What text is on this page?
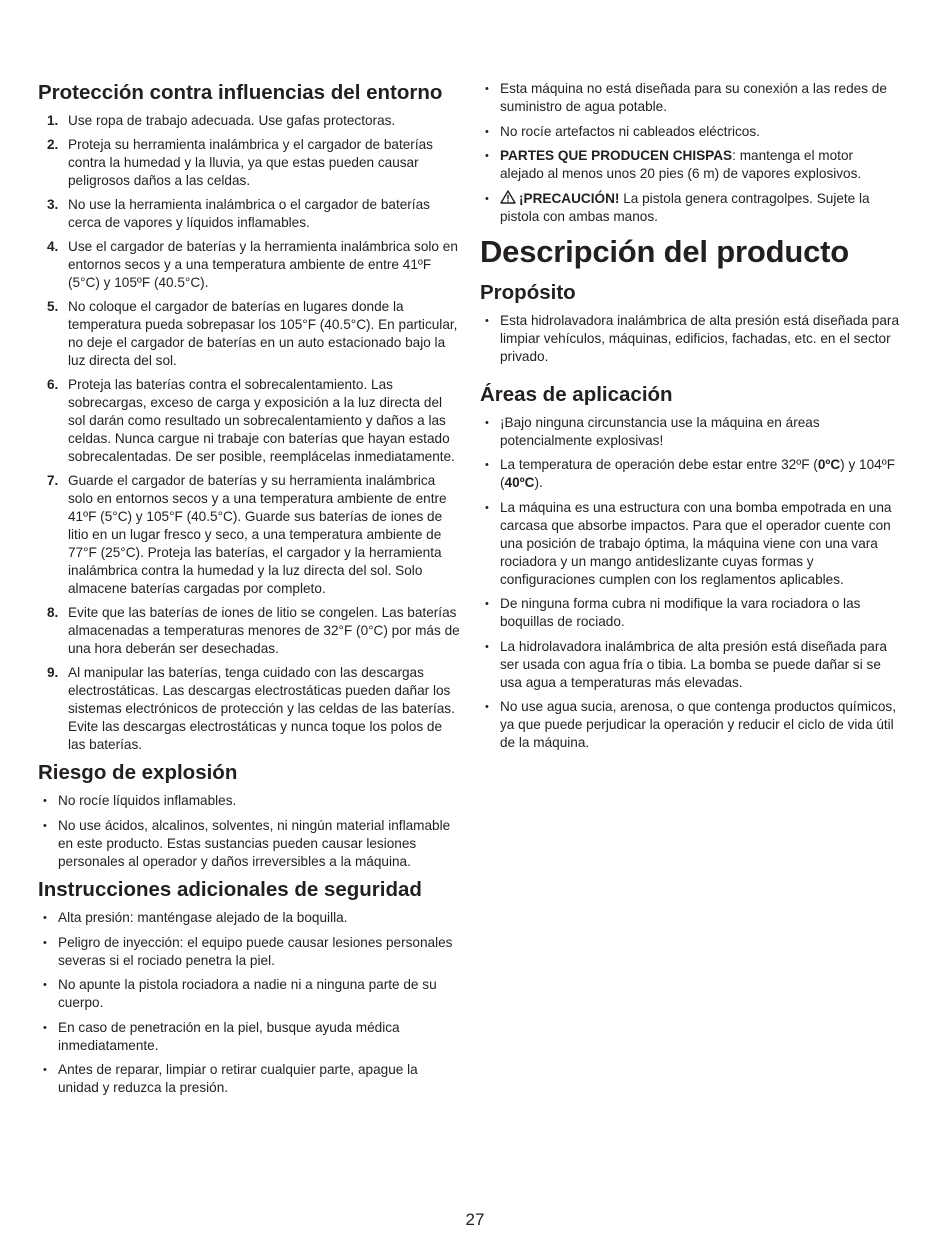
Protección contra influencias del entorno
1. Use ropa de trabajo adecuada. Use gafas protectoras.
2. Proteja su herramienta inalámbrica y el cargador de baterías contra la humedad y la lluvia, ya que estas pueden causar peligrosos daños a las celdas.
3. No use la herramienta inalámbrica o el cargador de baterías cerca de vapores y líquidos inflamables.
4. Use el cargador de baterías y la herramienta inalámbrica solo en entornos secos y a una temperatura ambiente de entre 41ºF (5°C) y 105ºF (40.5°C).
5. No coloque el cargador de baterías en lugares donde la temperatura pueda sobrepasar los 105°F (40.5°C). En particular, no deje el cargador de baterías en un auto estacionado bajo la luz directa del sol.
6. Proteja las baterías contra el sobrecalentamiento. Las sobrecargas, exceso de carga y exposición a la luz directa del sol darán como resultado un sobrecalentamiento y daños a las celdas. Nunca cargue ni trabaje con baterías que hayan estado sobrecalentadas. De ser posible, reemplácelas inmediatamente.
7. Guarde el cargador de baterías y su herramienta inalámbrica solo en entornos secos y a una temperatura ambiente de entre 41ºF (5°C) y 105°F (40.5°C). Guarde sus baterías de iones de litio en un lugar fresco y seco, a una temperatura ambiente de 77°F (25°C). Proteja las baterías, el cargador y la herramienta inalámbrica contra la humedad y la luz directa del sol. Solo almacene baterías cargadas por completo.
8. Evite que las baterías de iones de litio se congelen. Las baterías almacenadas a temperaturas menores de 32°F (0°C) por más de una hora deberán ser desechadas.
9. Al manipular las baterías, tenga cuidado con las descargas electrostáticas. Las descargas electrostáticas pueden dañar los sistemas electrónicos de protección y las celdas de las baterías. Evite las descargas electrostáticas y nunca toque los polos de las baterías.
Riesgo de explosión
• No rocíe líquidos inflamables.
• No use ácidos, alcalinos, solventes, ni ningún material inflamable en este producto. Estas sustancias pueden causar lesiones personales al operador y daños irreversibles a la máquina.
Instrucciones adicionales de seguridad
• Alta presión: manténgase alejado de la boquilla.
• Peligro de inyección: el equipo puede causar lesiones personales severas si el rociado penetra la piel.
• No apunte la pistola rociadora a nadie ni a ninguna parte de su cuerpo.
• En caso de penetración en la piel, busque ayuda médica inmediatamente.
• Antes de reparar, limpiar o retirar cualquier parte, apague la unidad y reduzca la presión.
• Esta máquina no está diseñada para su conexión a las redes de suministro de agua potable.
• No rocíe artefactos ni cableados eléctricos.
• PARTES QUE PRODUCEN CHISPAS: mantenga el motor alejado al menos unos 20 pies (6 m) de vapores explosivos.
• ¡PRECAUCIÓN! La pistola genera contragolpes. Sujete la pistola con ambas manos.
Descripción del producto
Propósito
• Esta hidrolavadora inalámbrica de alta presión está diseñada para limpiar vehículos, máquinas, edificios, fachadas, etc. en el sector privado.
Áreas de aplicación
• ¡Bajo ninguna circunstancia use la máquina en áreas potencialmente explosivas!
• La temperatura de operación debe estar entre 32ºF (0ºC) y 104ºF (40ºC).
• La máquina es una estructura con una bomba empotrada en una carcasa que absorbe impactos. Para que el operador cuente con una posición de trabajo óptima, la máquina viene con una vara rociadora y un mango antideslizante cuyas formas y configuraciones cumplen con los reglamentos aplicables.
• De ninguna forma cubra ni modifique la vara rociadora o las boquillas de rociado.
• La hidrolavadora inalámbrica de alta presión está diseñada para ser usada con agua fría o tibia. La bomba se puede dañar si se usa agua a temperaturas más elevadas.
• No use agua sucia, arenosa, o que contenga productos químicos, ya que puede perjudicar la operación y reducir el ciclo de vida útil de la máquina.
27
